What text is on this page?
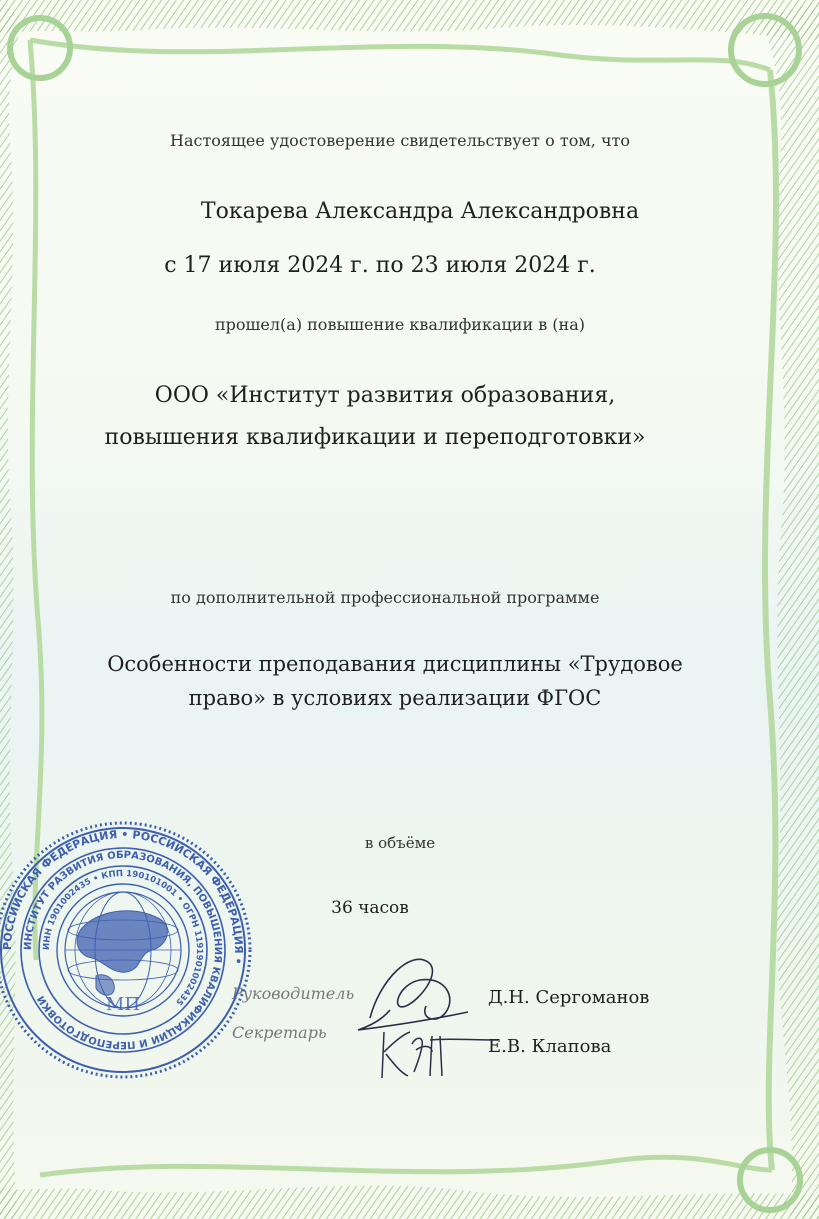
Настоящее удостоверение свидетельствует о том, что

Токарева Александра Александровна

с 17 июля 2024 г. по 23 июля 2024 г.

прошел(а) повышение квалификации в (на)

ООО «Институт развития образования,

повышения квалификации и переподготовки»

по дополнительной профессиональной программе

Особенности преподавания дисциплины «Трудовое

право» в условиях реализации ФГОС

в объёме

36 часов

Руководитель
Секретарь
Д.Н. Сергоманов
Е.В. Клапова
РОССИЙСКАЯ ФЕДЕРАЦИЯ • РОССИЙСКАЯ ФЕДЕРАЦИЯ •
ИНСТИТУТ РАЗВИТИЯ ОБРАЗОВАНИЯ, ПОВЫШЕНИЯ КВАЛИФИКАЦИИ И ПЕРЕПОДГОТОВКИ
ИНН 1901002435 • КПП 190101001 • ОГРН 1191901002435
МП
